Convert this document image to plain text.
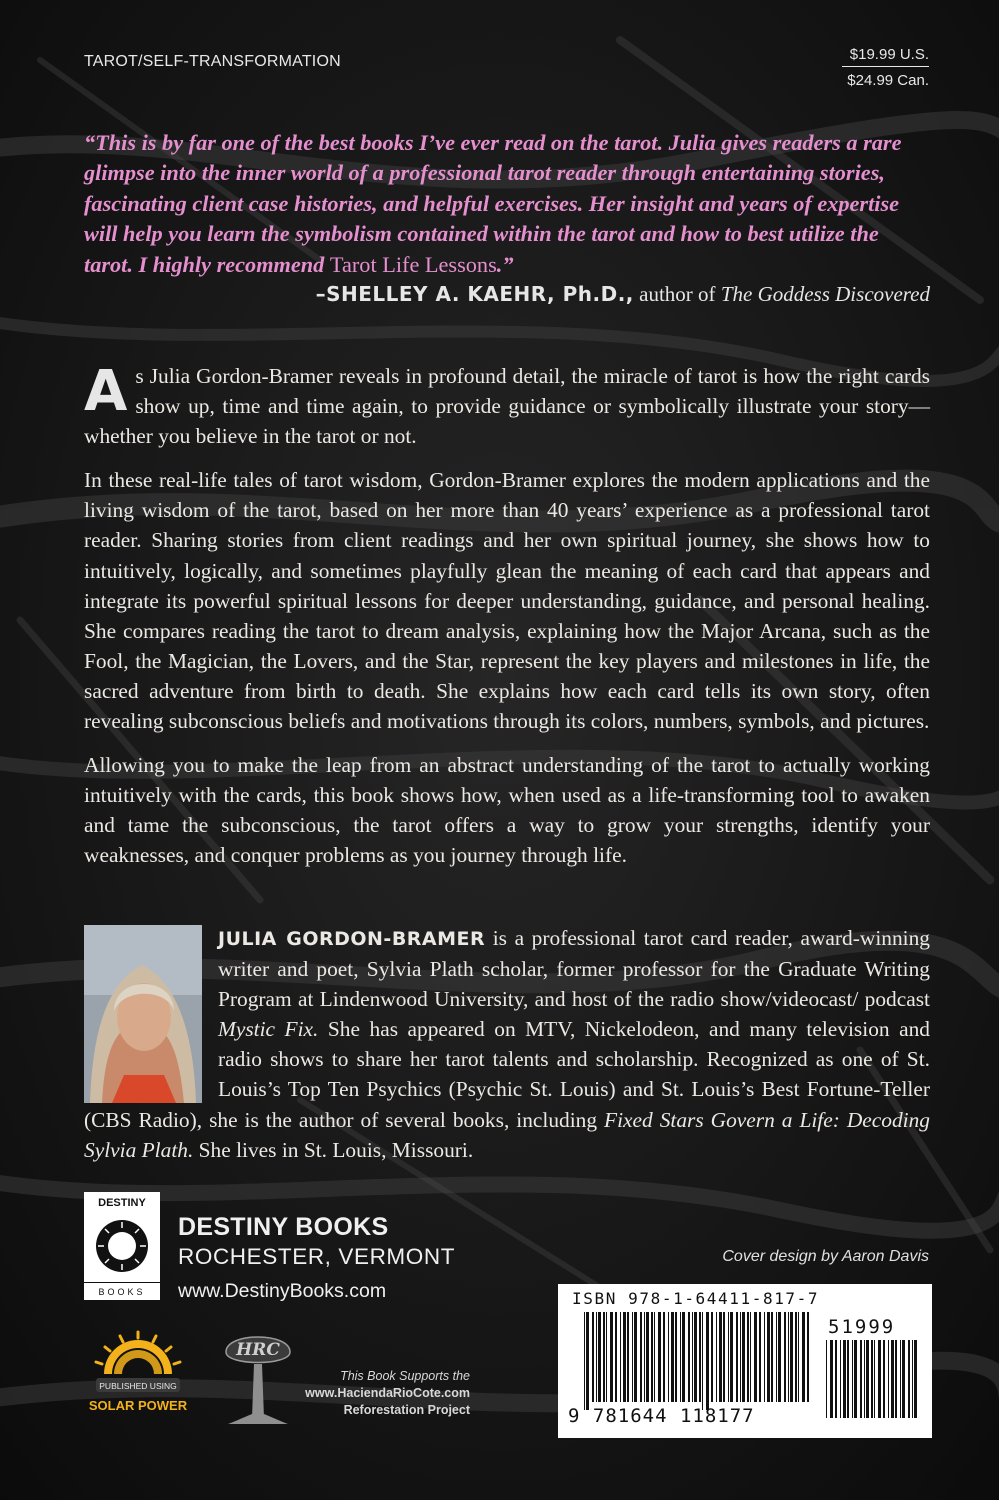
TAROT/SELF-TRANSFORMATION	$19.99 U.S.
$24.99 Can.

“This is by far one of the best books I’ve ever read on the tarot. Julia gives readers a rare glimpse into the inner world of a professional tarot reader through entertaining stories, fascinating client case histories, and helpful exercises. Her insight and years of expertise will help you learn the symbolism contained within the tarot and how to best utilize the tarot. I highly recommend Tarot Life Lessons.”

–SHELLEY A. KAEHR, Ph.D., author of The Goddess Discovered

As Julia Gordon-Bramer reveals in profound detail, the miracle of tarot is how the right cards show up, time and time again, to provide guidance or symbolically illustrate your story—whether you believe in the tarot or not.

In these real-life tales of tarot wisdom, Gordon-Bramer explores the modern applications and the living wisdom of the tarot, based on her more than 40 years’ experience as a professional tarot reader. Sharing stories from client readings and her own spiritual journey, she shows how to intuitively, logically, and sometimes playfully glean the meaning of each card that appears and integrate its powerful spiritual lessons for deeper understanding, guidance, and personal healing. She compares reading the tarot to dream analysis, explaining how the Major Arcana, such as the Fool, the Magician, the Lovers, and the Star, represent the key players and milestones in life, the sacred adventure from birth to death. She explains how each card tells its own story, often revealing subconscious beliefs and motivations through its colors, numbers, symbols, and pictures.

Allowing you to make the leap from an abstract understanding of the tarot to actually working intuitively with the cards, this book shows how, when used as a life-transforming tool to awaken and tame the subconscious, the tarot offers a way to grow your strengths, identify your weaknesses, and conquer problems as you journey through life.

JULIA GORDON-BRAMER is a professional tarot card reader, award-winning writer and poet, Sylvia Plath scholar, former professor for the Graduate Writing Program at Lindenwood University, and host of the radio show/videocast/ podcast Mystic Fix. She has appeared on MTV, Nickelodeon, and many television and radio shows to share her tarot talents and scholarship. Recognized as one of St. Louis’s Top Ten Psychics (Psychic St. Louis) and St. Louis’s Best Fortune-Teller (CBS Radio), she is the author of several books, including Fixed Stars Govern a Life: Decoding Sylvia Plath. She lives in St. Louis, Missouri.
DESTINY
BOOKS
DESTINY BOOKS
ROCHESTER, VERMONT
www.DestinyBooks.com
Cover design by Aaron Davis
ISBN 978-1-64411-817-7
51999
9 781644 118177
PUBLISHED USING
SOLAR POWER
HRC
This Book Supports the
www.HaciendaRioCote.com
Reforestation Project
